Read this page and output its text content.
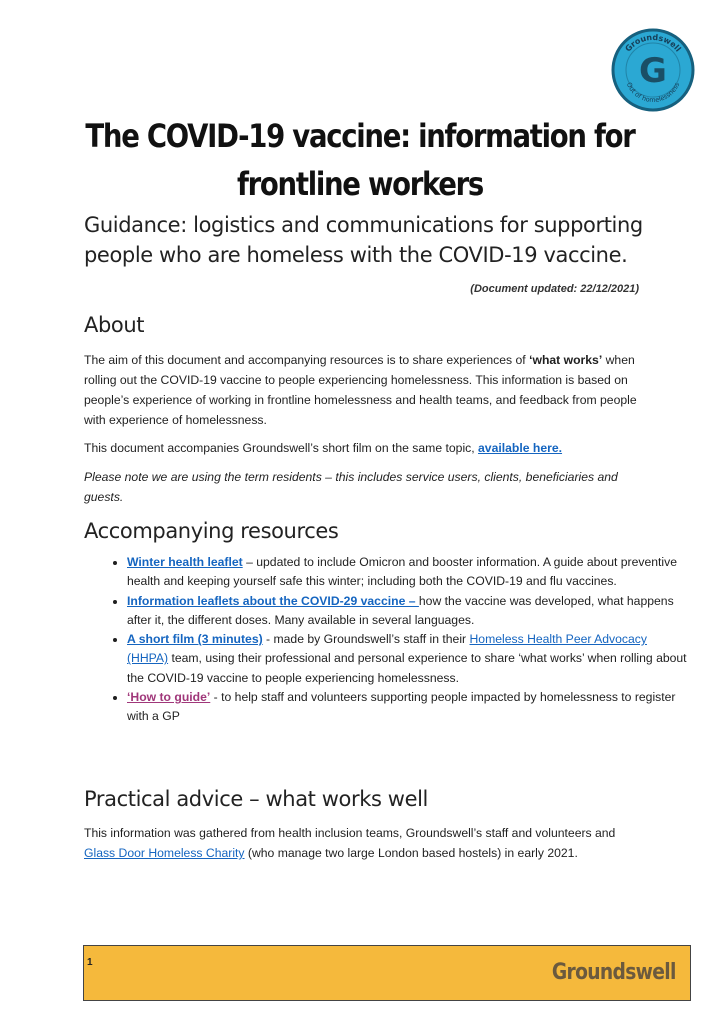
Groundswell
Out of homelessness
G
The COVID-19 vaccine: information for
frontline workers

Guidance: logistics and communications for supporting
people who are homeless with the COVID-19 vaccine.

(Document updated: 22/12/2021)
About

The aim of this document and accompanying resources is to share experiences of ‘what works’ when rolling out the COVID-19 vaccine to people experiencing homelessness. This information is based on people’s experience of working in frontline homelessness and health teams, and feedback from people with experience of homelessness.

This document accompanies Groundswell’s short film on the same topic, available here.

Please note we are using the term residents – this includes service users, clients, beneficiaries and guests.

Accompanying resources
• Winter health leaflet – updated to include Omicron and booster information. A guide about preventive health and keeping yourself safe this winter; including both the COVID-19 and flu vaccines.
• Information leaflets about the COVID-29 vaccine – how the vaccine was developed, what happens after it, the different doses. Many available in several languages.
• A short film (3 minutes) - made by Groundswell’s staff in their Homeless Health Peer Advocacy (HHPA) team, using their professional and personal experience to share ‘what works’ when rolling about the COVID-19 vaccine to people experiencing homelessness.
• ‘How to guide’ - to help staff and volunteers supporting people impacted by homelessness to register with a GP
Practical advice – what works well

This information was gathered from health inclusion teams, Groundswell’s staff and volunteers and Glass Door Homeless Charity (who manage two large London based hostels) in early 2021.

1	Groundswell
